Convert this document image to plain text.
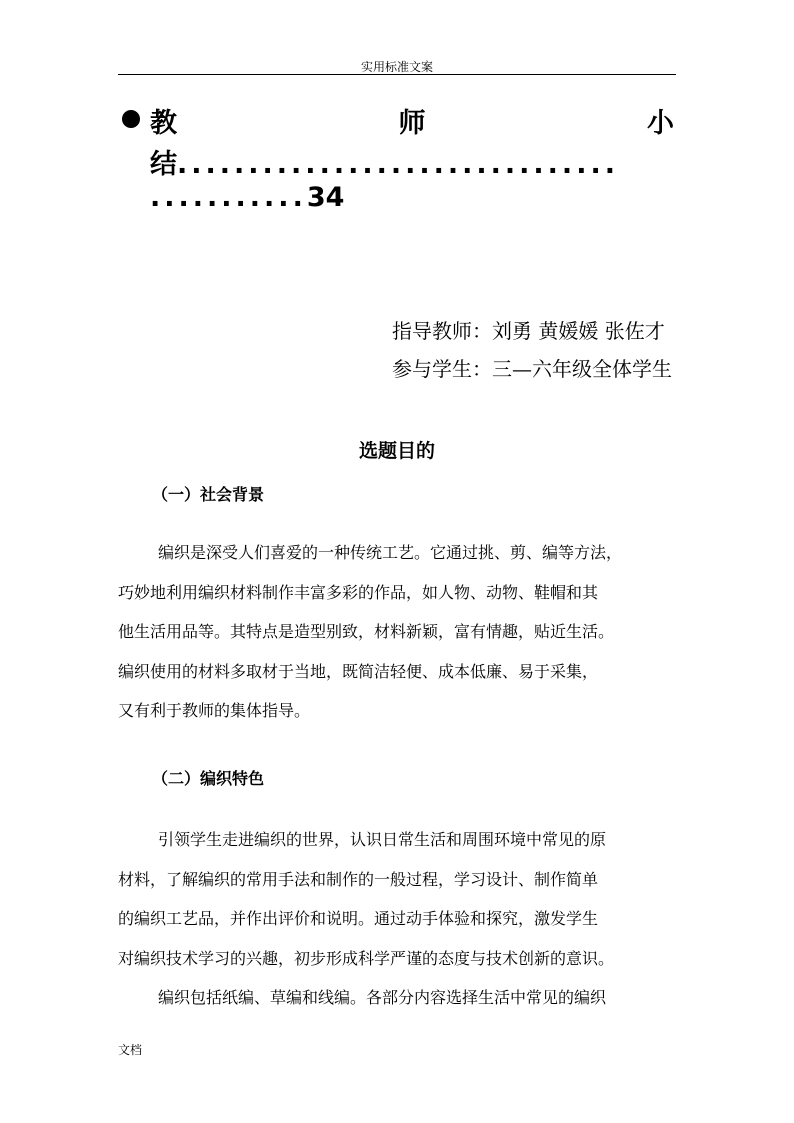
实用标准文案
教	师	小
结...............................
...........34
指导教师：刘勇 黄媛媛 张佐才
参与学生：三—六年级全体学生
选题目的
（一）社会背景
编织是深受人们喜爱的一种传统工艺。它通过挑、剪、编等方法，
巧妙地利用编织材料制作丰富多彩的作品，如人物、动物、鞋帽和其
他生活用品等。其特点是造型别致，材料新颖，富有情趣，贴近生活。
编织使用的材料多取材于当地，既简洁轻便、成本低廉、易于采集，
又有利于教师的集体指导。
（二）编织特色
引领学生走进编织的世界，认识日常生活和周围环境中常见的原
材料，了解编织的常用手法和制作的一般过程，学习设计、制作简单
的编织工艺品，并作出评价和说明。通过动手体验和探究，激发学生
对编织技术学习的兴趣，初步形成科学严谨的态度与技术创新的意识。
编织包括纸编、草编和线编。各部分内容选择生活中常见的编织
文档
